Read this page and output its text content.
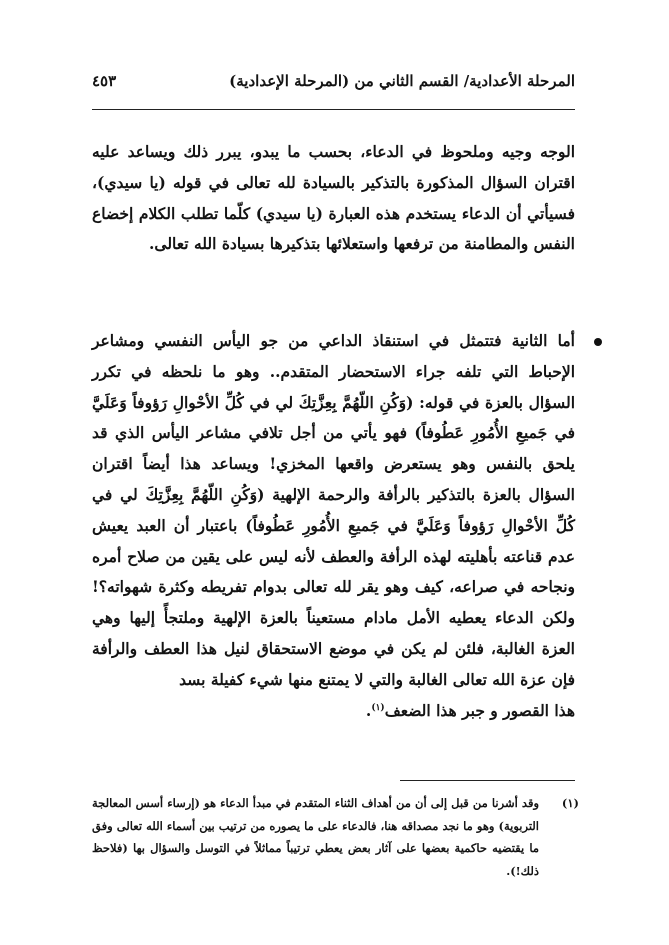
المرحلة الأعدادية/ القسم الثاني من (المرحلة الإعدادية)
٤٥٣
الوجه وجيه وملحوظ في الدعاء، بحسب ما يبدو، يبرر ذلك ويساعد عليه اقتران السؤال المذكورة بالتذكير بالسيادة لله تعالى في قوله (يا سيدي)، فسيأتي أن الدعاء يستخدم هذه العبارة (يا سيدي) كلّما تطلب الكلام إخضاع النفس والمطامنة من ترفعها واستعلائها بتذكيرها بسيادة الله تعالى.
أما الثانية فتتمثل في استنقاذ الداعي من جو اليأس النفسي ومشاعر الإحباط التي تلفه جراء الاستحضار المتقدم.. وهو ما نلحظه في تكرر السؤال بالعزة في قوله: (وَكُنِ اللّهُمَّ بِعِزَّتِكَ لي في كُلِّ الأحْوالِ رَؤوفاً وَعَلَيَّ في جَميعِ الأُمُورِ عَطُوفاً) فهو يأتي من أجل تلافي مشاعر اليأس الذي قد يلحق بالنفس وهو يستعرض واقعها المخزي! ويساعد هذا أيضاً اقتران السؤال بالعزة بالتذكير بالرأفة والرحمة الإلهية (وَكُنِ اللّهُمَّ بِعِزَّتِكَ لي في كُلِّ الأحْوالِ رَؤوفاً وَعَلَيَّ في جَميعِ الأُمُورِ عَطُوفاً) باعتبار أن العبد يعيش عدم قناعته بأهليته لهذه الرأفة والعطف لأنه ليس على يقين من صلاح أمره ونجاحه في صراعه، كيف وهو يقر لله تعالى بدوام تفريطه وكثرة شهواته؟! ولكن الدعاء يعطيه الأمل مادام مستعيناً بالعزة الإلهية وملتجأً إليها وهي العزة الغالبة، فلئن لم يكن في موضع الاستحقاق لنيل هذا العطف والرأفة فإن عزة الله تعالى الغالبة والتي لا يمتنع منها شيء كفيلة بسد
هذا القصور و جبر هذا الضعف$^{(١)}$.
(١)
وقد أشرنا من قبل إلى أن من أهداف الثناء المتقدم في مبدأ الدعاء هو (إرساء أسس المعالجة التربوية) وهو ما نجد مصداقه هنا، فالدعاء على ما يصوره من ترتيب بين أسماء الله تعالى وفق ما يقتضيه حاكمية بعضها على آثار بعض يعطي ترتيباً مماثلاً في التوسل والسؤال بها (فلاحظ ذلك!).
